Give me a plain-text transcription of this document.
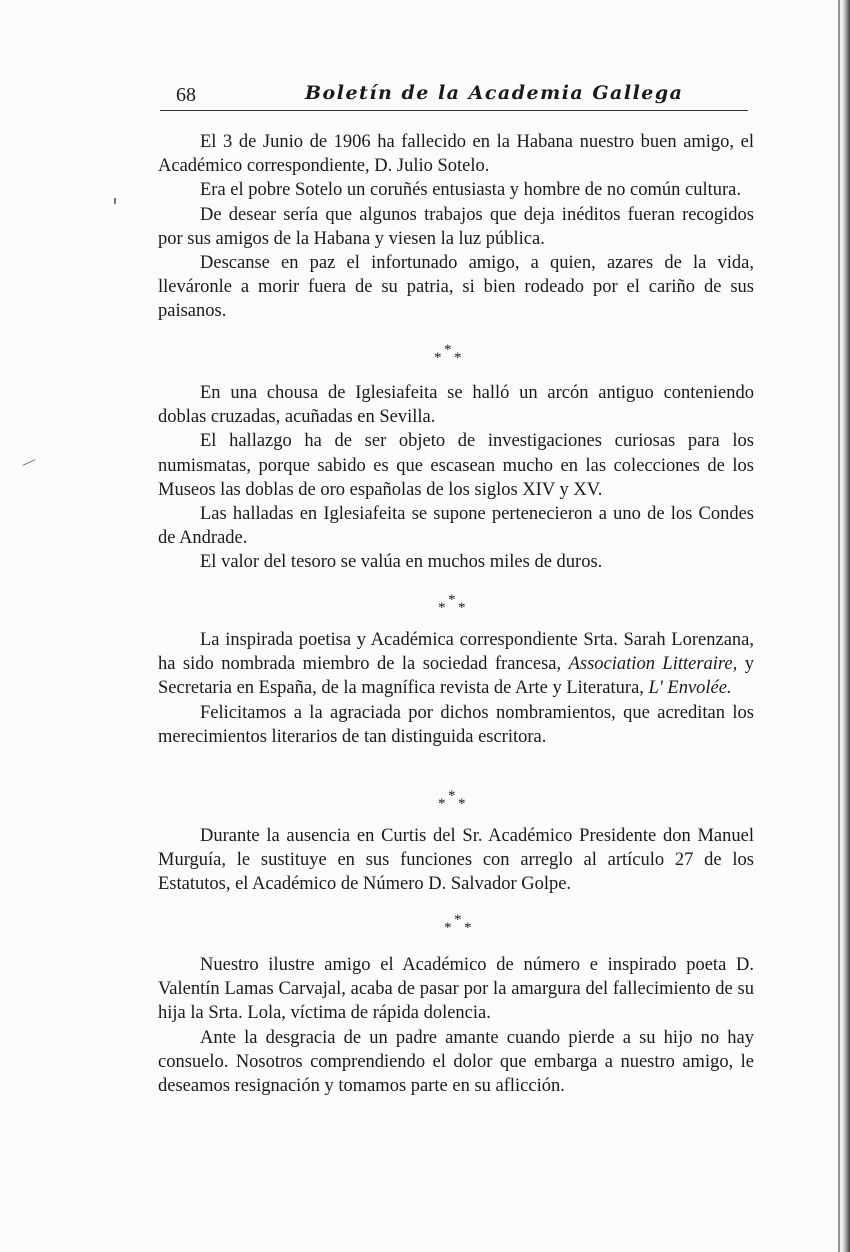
68	Boletín de la Academia Gallega

El 3 de Junio de 1906 ha fallecido en la Habana nuestro buen amigo, el Académico correspondiente, D. Julio Sotelo.

Era el pobre Sotelo un coruñés entusiasta y hombre de no común cultura.

De desear sería que algunos trabajos que deja inéditos fueran recogidos por sus amigos de la Habana y viesen la luz pública.

Descanse en paz el infortunado amigo, a quien, azares de la vida, lleváronle a morir fuera de su patria, si bien rodeado por el cariño de sus paisanos.

*
* *

En una chousa de Iglesiafeita se halló un arcón antiguo conteniendo doblas cruzadas, acuñadas en Sevilla.

El hallazgo ha de ser objeto de investigaciones curiosas para los numismatas, porque sabido es que escasean mucho en las colecciones de los Museos las doblas de oro españolas de los siglos XIV y XV.

Las halladas en Iglesiafeita se supone pertenecieron a uno de los Condes de Andrade.

El valor del tesoro se valúa en muchos miles de duros.

*
* *

La inspirada poetisa y Académica correspondiente Srta. Sarah Lorenzana, ha sido nombrada miembro de la sociedad francesa, Association Litteraire, y Secretaria en España, de la magnífica revista de Arte y Literatura, L' Envolée.

Felicitamos a la agraciada por dichos nombramientos, que acreditan los merecimientos literarios de tan distinguida escritora.

*
* *

Durante la ausencia en Curtis del Sr. Académico Presidente don Manuel Murguía, le sustituye en sus funciones con arreglo al artículo 27 de los Estatutos, el Académico de Número D. Salvador Golpe.

*
* *

Nuestro ilustre amigo el Académico de número e inspirado poeta D. Valentín Lamas Carvajal, acaba de pasar por la amargura del fallecimiento de su hija la Srta. Lola, víctima de rápida dolencia.

Ante la desgracia de un padre amante cuando pierde a su hijo no hay consuelo. Nosotros comprendiendo el dolor que embarga a nuestro amigo, le deseamos resignación y tomamos parte en su aflicción.
